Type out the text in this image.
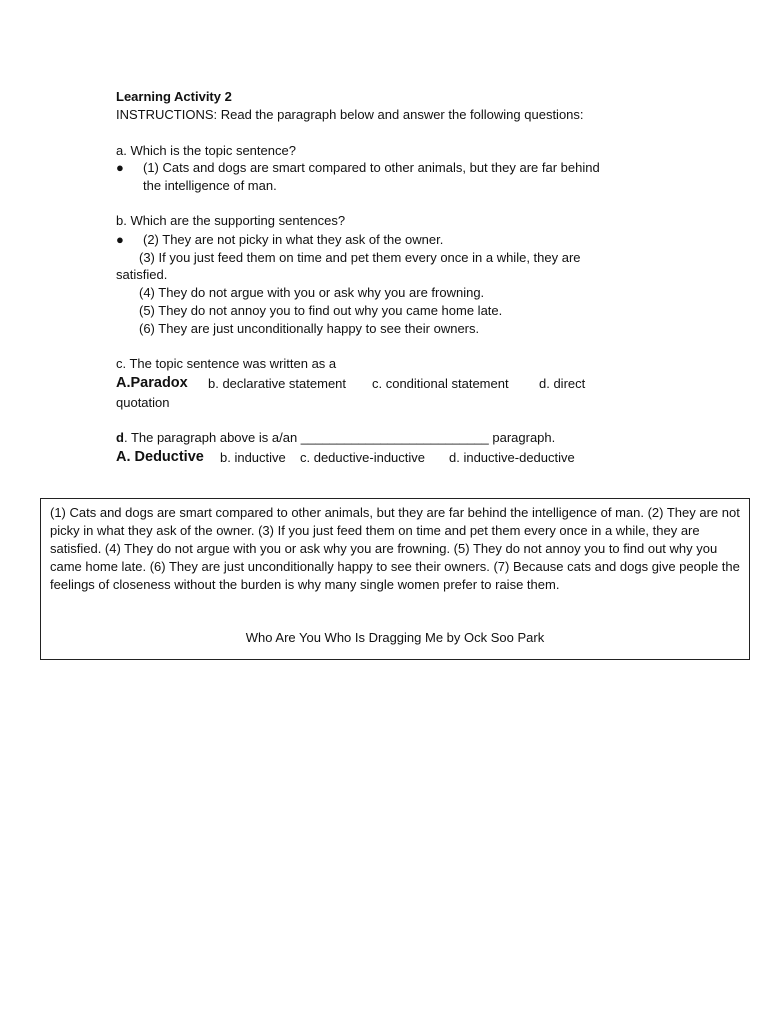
Learning Activity 2
INSTRUCTIONS: Read the paragraph below and answer the following questions:
a. Which is the topic sentence?
● (1) Cats and dogs are smart compared to other animals, but they are far behind
the intelligence of man.
b. Which are the supporting sentences?
● (2) They are not picky in what they ask of the owner.
(3) If you just feed them on time and pet them every once in a while, they are
satisfied.
(4) They do not argue with you or ask why you are frowning.
(5) They do not annoy you to find out why you came home late.
(6) They are just unconditionally happy to see their owners.
c. The topic sentence was written as a
A.Paradox b. declarative statement c. conditional statement d. direct
quotation
d. The paragraph above is a/an __________________________ paragraph.
A. Deductive b. inductive c. deductive-inductive d. inductive-deductive
(1) Cats and dogs are smart compared to other animals, but they are far behind the intelligence of man. (2) They are not picky in what they ask of the owner. (3) If you just feed them on time and pet them every once in a while, they are satisfied. (4) They do not argue with you or ask why you are frowning. (5) They do not annoy you to find out why you came home late. (6) They are just unconditionally happy to see their owners. (7) Because cats and dogs give people the feelings of closeness without the burden is why many single women prefer to raise them.
Who Are You Who Is Dragging Me by Ock Soo Park
